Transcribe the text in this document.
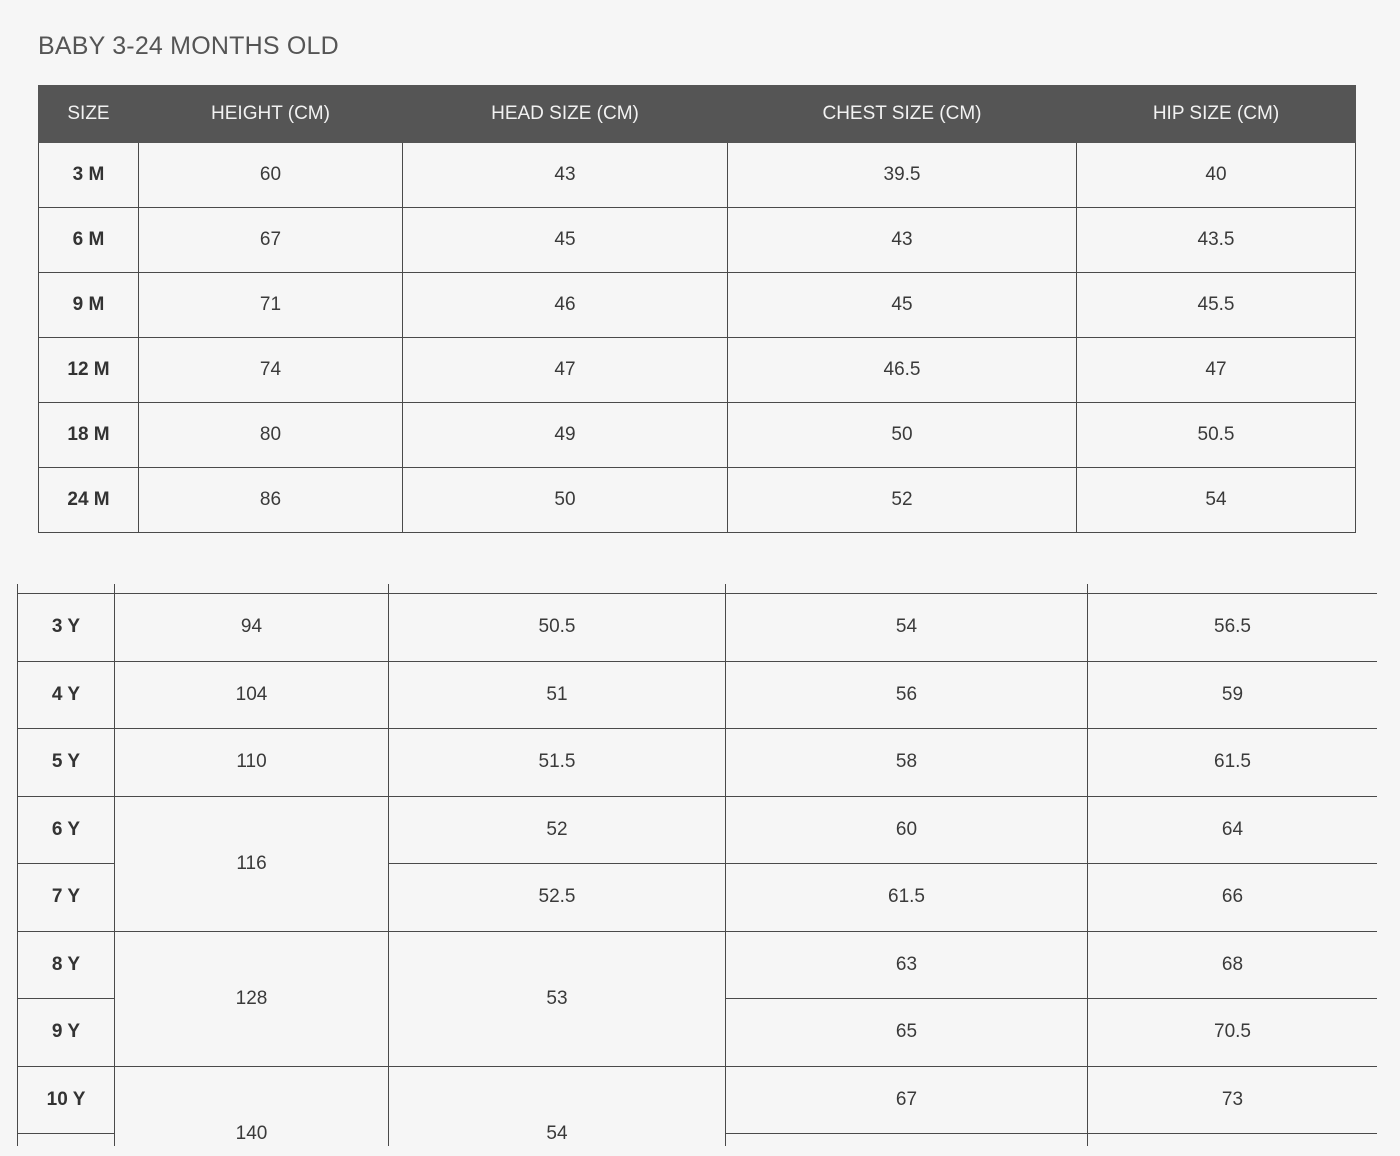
BABY 3-24 MONTHS OLD
SIZE	HEIGHT (CM)	HEAD SIZE (CM)	CHEST SIZE (CM)	HIP SIZE (CM)
3 M	60	43	39.5	40
6 M	67	45	43	43.5
9 M	71	46	45	45.5
12 M	74	47	46.5	47
18 M	80	49	50	50.5
24 M	86	50	52	54

3 Y	94	50.5	54	56.5
4 Y	104	51	56	59
5 Y	110	51.5	58	61.5
6 Y	116	52	60	64
7 Y		52.5	61.5	66
8 Y	128	53	63	68
9 Y			65	70.5
10 Y	140	54	67	73
